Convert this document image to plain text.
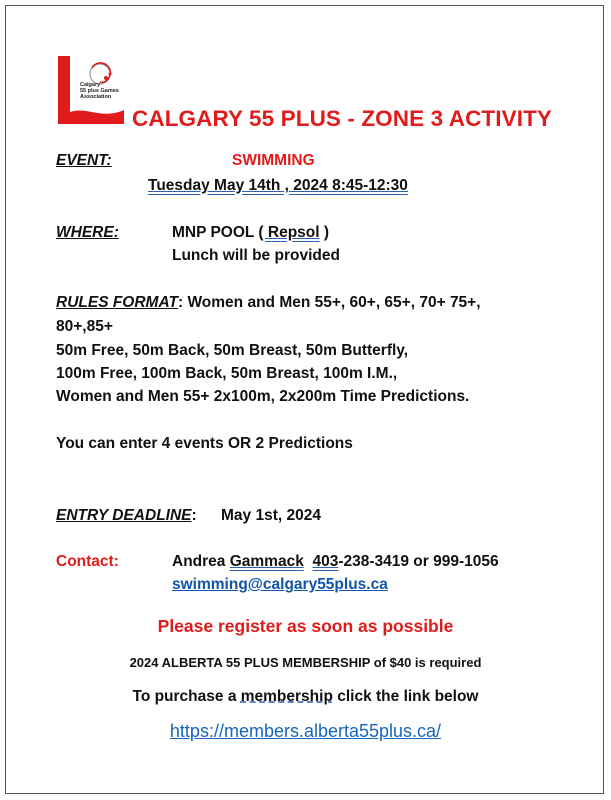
Calgary
55 plus Games
Association
CALGARY 55 PLUS - ZONE 3 ACTIVITY
EVENT:	SWIMMING
Tuesday May 14th , 2024 8:45-12:30
WHERE:	MNP POOL ( Repsol )
Lunch will be provided
RULES FORMAT: Women and Men 55+, 60+, 65+, 70+ 75+,
80+,85+
50m Free, 50m Back, 50m Breast, 50m Butterfly,
100m Free, 100m Back, 50m Breast, 100m I.M.,
Women and Men 55+ 2x100m, 2x200m Time Predictions.
You can enter 4 events OR 2 Predictions
ENTRY DEADLINE: May 1st, 2024
Contact:	Andrea Gammack 403-238-3419 or 999-1056
swimming@calgary55plus.ca
Please register as soon as possible
2024 ALBERTA 55 PLUS MEMBERSHIP of $40 is required
To purchase a membership click the link below
https://members.alberta55plus.ca/
